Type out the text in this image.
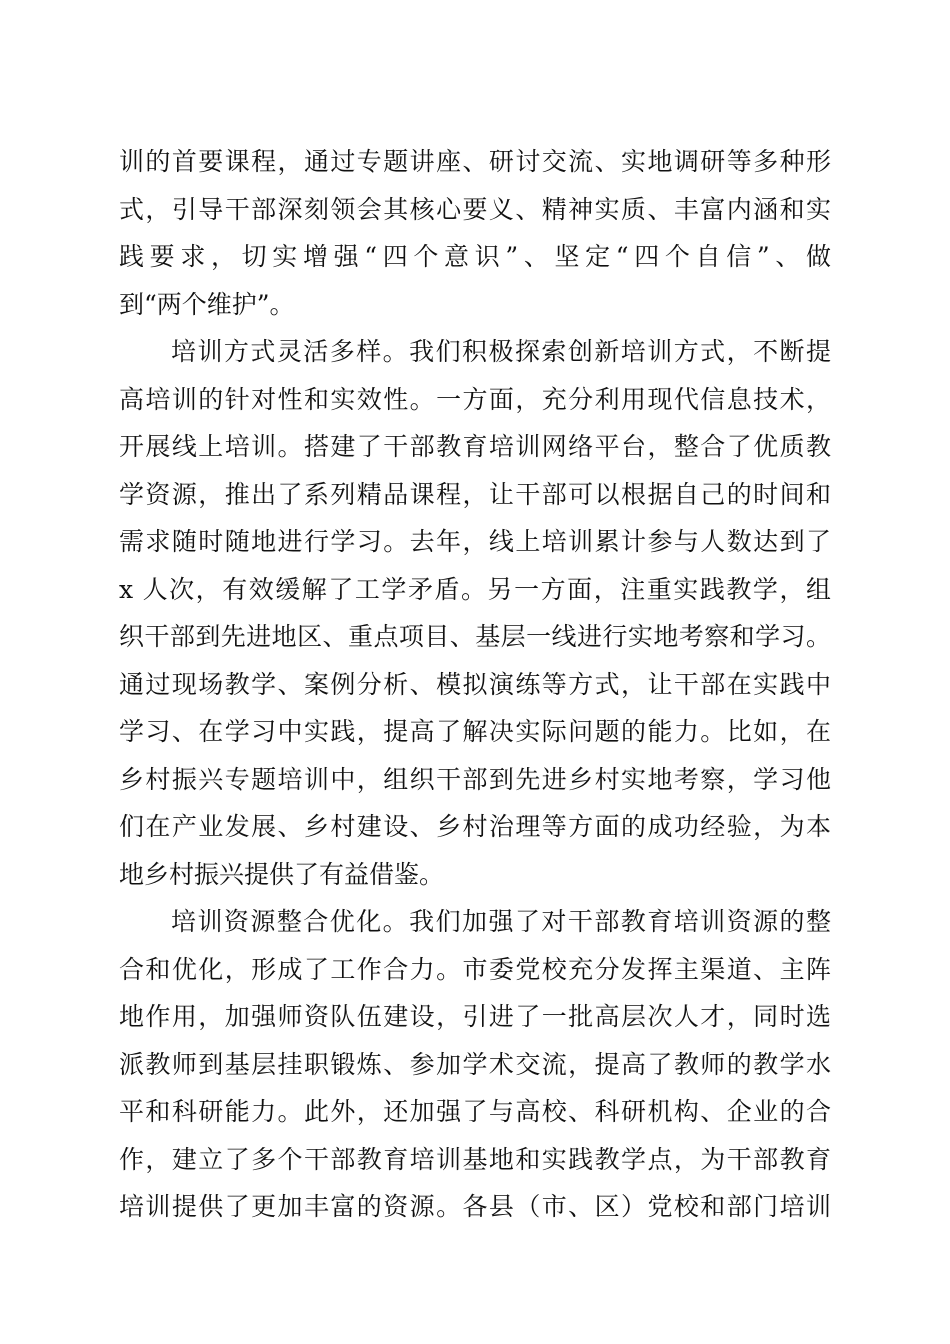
训的首要课程，通过专题讲座、研讨交流、实地调研等多种形
式，引导干部深刻领会其核心要义、精神实质、丰富内涵和实
践要求，切实增强“四个意识”、坚定“四个自信”、做
到“两个维护”。
培训方式灵活多样。我们积极探索创新培训方式，不断提
高培训的针对性和实效性。一方面，充分利用现代信息技术，
开展线上培训。搭建了干部教育培训网络平台，整合了优质教
学资源，推出了系列精品课程，让干部可以根据自己的时间和
需求随时随地进行学习。去年，线上培训累计参与人数达到了
x 人次，有效缓解了工学矛盾。另一方面，注重实践教学，组
织干部到先进地区、重点项目、基层一线进行实地考察和学习。
通过现场教学、案例分析、模拟演练等方式，让干部在实践中
学习、在学习中实践，提高了解决实际问题的能力。比如，在
乡村振兴专题培训中，组织干部到先进乡村实地考察，学习他
们在产业发展、乡村建设、乡村治理等方面的成功经验，为本
地乡村振兴提供了有益借鉴。
培训资源整合优化。我们加强了对干部教育培训资源的整
合和优化，形成了工作合力。市委党校充分发挥主渠道、主阵
地作用，加强师资队伍建设，引进了一批高层次人才，同时选
派教师到基层挂职锻炼、参加学术交流，提高了教师的教学水
平和科研能力。此外，还加强了与高校、科研机构、企业的合
作，建立了多个干部教育培训基地和实践教学点，为干部教育
培训提供了更加丰富的资源。各县（市、区）党校和部门培训
